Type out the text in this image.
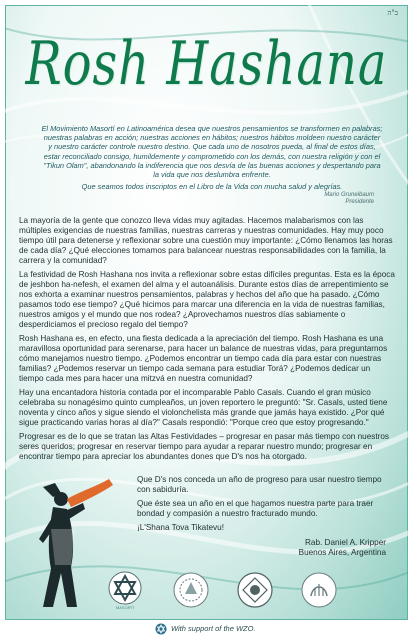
ב"ה
Rosh Hashana

El Movimiento Masortí en Latinoamérica desea que nuestros pensamientos se transformen en palabras; nuestras palabras en acción; nuestras acciones en hábitos; nuestros hábitos moldeen nuestro carácter y nuestro carácter controle nuestro destino. Que cada uno de nosotros pueda, al final de estos días, estar reconciliado consigo, humildemente y comprometido con los demás, con nuestra religión y con el "Tikun Olam", abandonando la indiferencia que nos desvía de las buenas acciones y despertando para la vida que nos deslumbra enfrente.

Que seamos todos inscriptos en el Libro de la Vida con mucha salud y alegrías.

Mario Gruneibaum
Presidente

La mayoría de la gente que conozco lleva vidas muy agitadas. Hacemos malabarismos con las múltiples exigencias de nuestras familias, nuestras carreras y nuestras comunidades. Hay muy poco tiempo útil para detenerse y reflexionar sobre una cuestión muy importante: ¿Cómo llenamos las horas de cada día? ¿Qué elecciones tomamos para balancear nuestras responsabilidades con la familia, la carrera y la comunidad?

La festividad de Rosh Hashana nos invita a reflexionar sobre estas difíciles preguntas. Esta es la época de jeshbon ha-nefesh, el examen del alma y el autoanálisis. Durante estos días de arrepentimiento se nos exhorta a examinar nuestros pensamientos, palabras y hechos del año que ha pasado. ¿Cómo pasamos todo ese tiempo? ¿Qué hicimos para marcar una diferencia en la vida de nuestras familias, nuestros amigos y el mundo que nos rodea? ¿Aprovechamos nuestros días sabiamente o desperdiciamos el precioso regalo del tiempo?

Rosh Hashana es, en efecto, una fiesta dedicada a la apreciación del tiempo. Rosh Hashana es una maravillosa oportunidad para serenarse, para hacer un balance de nuestras vidas, para preguntarnos cómo manejamos nuestro tiempo. ¿Podemos encontrar un tiempo cada día para estar con nuestras familias? ¿Podemos reservar un tiempo cada semana para estudiar Torá? ¿Podemos dedicar un tiempo cada mes para hacer una mitzvá en nuestra comunidad?

Hay una encantadora historia contada por el incomparable Pablo Casals. Cuando el gran músico celebraba su nonagésimo quinto cumpleaños, un joven reportero le preguntó: "Sr. Casals, usted tiene noventa y cinco años y sigue siendo el violonchelista más grande que jamás haya existido. ¿Por qué sigue practicando varias horas al día?" Casals respondió: "Porque creo que estoy progresando."

Progresar es de lo que se tratan las Altas Festividades – progresar en pasar más tiempo con nuestros seres queridos; progresar en reservar tiempo para ayudar a reparar nuestro mundo; progresar en encontrar tiempo para apreciar los abundantes dones que D's nos ha otorgado.

Que D's nos conceda un año de progreso para usar nuestro tiempo con sabiduría.

Que éste sea un año en el que hagamos nuestra parte para traer bondad y compasión a nuestro fracturado mundo.

¡L'Shana Tova Tikatevu!

Rab. Daniel A. Kripper
Buenos Aires, Argentina
MASORTÍ
With support of the WZO.
